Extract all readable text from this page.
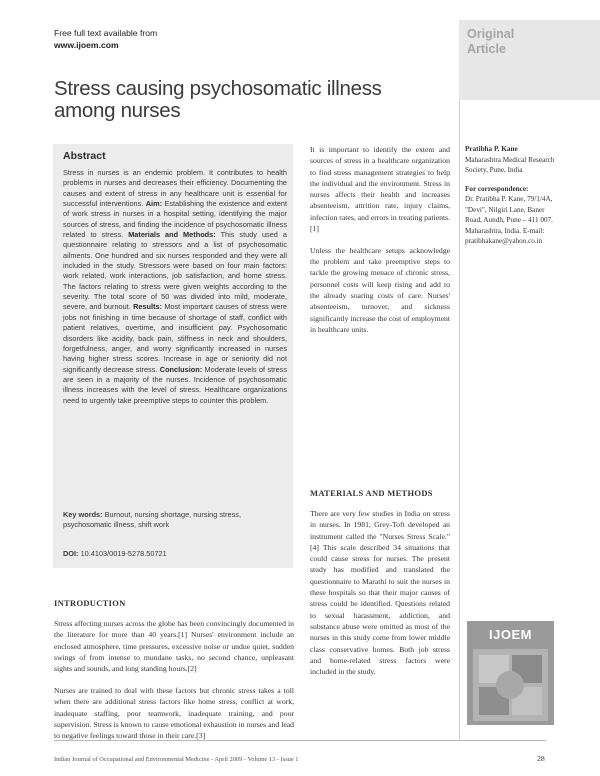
Free full text available from
www.ijoem.com
Original
Article
Stress causing psychosomatic illness among nurses
Abstract
Stress in nurses is an endemic problem. It contributes to health problems in nurses and decreases their efficiency. Documenting the causes and extent of stress in any healthcare unit is essential for successful interventions. Aim: Establishing the existence and extent of work stress in nurses in a hospital setting, identifying the major sources of stress, and finding the incidence of psychosomatic illness related to stress. Materials and Methods: This study used a questionnaire relating to stressors and a list of psychosomatic ailments. One hundred and six nurses responded and they were all included in the study. Stressors were based on four main factors: work related, work interactions, job satisfaction, and home stress. The factors relating to stress were given weights according to the severity. The total score of 50 was divided into mild, moderate, severe, and burnout. Results: Most important causes of stress were jobs not finishing in time because of shortage of staff, conflict with patient relatives, overtime, and insufficient pay. Psychosomatic disorders like acidity, back pain, stiffness in neck and shoulders, forgetfulness, anger, and worry significantly increased in nurses having higher stress scores. Increase in age or seniority did not significantly decrease stress. Conclusion: Moderate levels of stress are seen in a majority of the nurses. Incidence of psychosomatic illness increases with the level of stress. Healthcare organizations need to urgently take preemptive steps to counter this problem.
Key words: Burnout, nursing shortage, nursing stress, psychosomatic illness, shift work
DOI: 10.4103/0019-5278.50721
INTRODUCTION

Stress affecting nurses across the globe has been convincingly documented in the literature for more than 40 years.[1] Nurses' environment include an enclosed atmosphere, time pressures, excessive noise or undue quiet, sudden swings of from intense to mundane tasks, no second chance, unpleasant sights and sounds, and long standing hours.[2]

Nurses are trained to deal with these factors but chronic stress takes a toll when there are additional stress factors like home stress, conflict at work, inadequate staffing, poor teamwork, inadequate training, and poor supervision. Stress is known to cause emotional exhaustion in nurses and lead to negative feelings toward those in their care.[3]

It is important to identify the extent and sources of stress in a healthcare organization to find stress management strategies to help the individual and the environment. Stress in nurses affects their health and increases absenteeism, attrition rate, injury claims, infection rates, and errors in treating patients.[1]

Unless the healthcare setups acknowledge the problem and take preemptive steps to tackle the growing menace of chronic stress, personnel costs will keep rising and add to the already soaring costs of care. Nurses' absenteeism, turnover, and sickness significantly increase the cost of employment in healthcare units.

MATERIALS AND METHODS

There are very few studies in India on stress in nurses. In 1981, Grey-Toft developed an instrument called the "Nurses Stress Scale."[4] This scale described 34 situations that could cause stress for nurses. The present study has modified and translated the questionnaire to Marathi to suit the nurses in these hospitals so that their major causes of stress could be identified. Questions related to sexual harassment, addiction, and substance abuse were omitted as most of the nurses in this study come from lower middle class conservative homes. Both job stress and home-related stress factors were included in the study.

Pratibha P. Kane
Maharashtra Medical Research Society, Pune, India
For correspondence:
Dr. Pratibha P. Kane, 79/1/4A, "Devi", Nilgiri Lane, Baner Road, Aundh, Pune – 411 007. Maharashtra, India. E-mail: pratibhakane@yahoo.co.in
IJOEM
Indian Journal of Occupational and Environmental Medicine - April 2009 - Volume 13 - Issue 1	28
